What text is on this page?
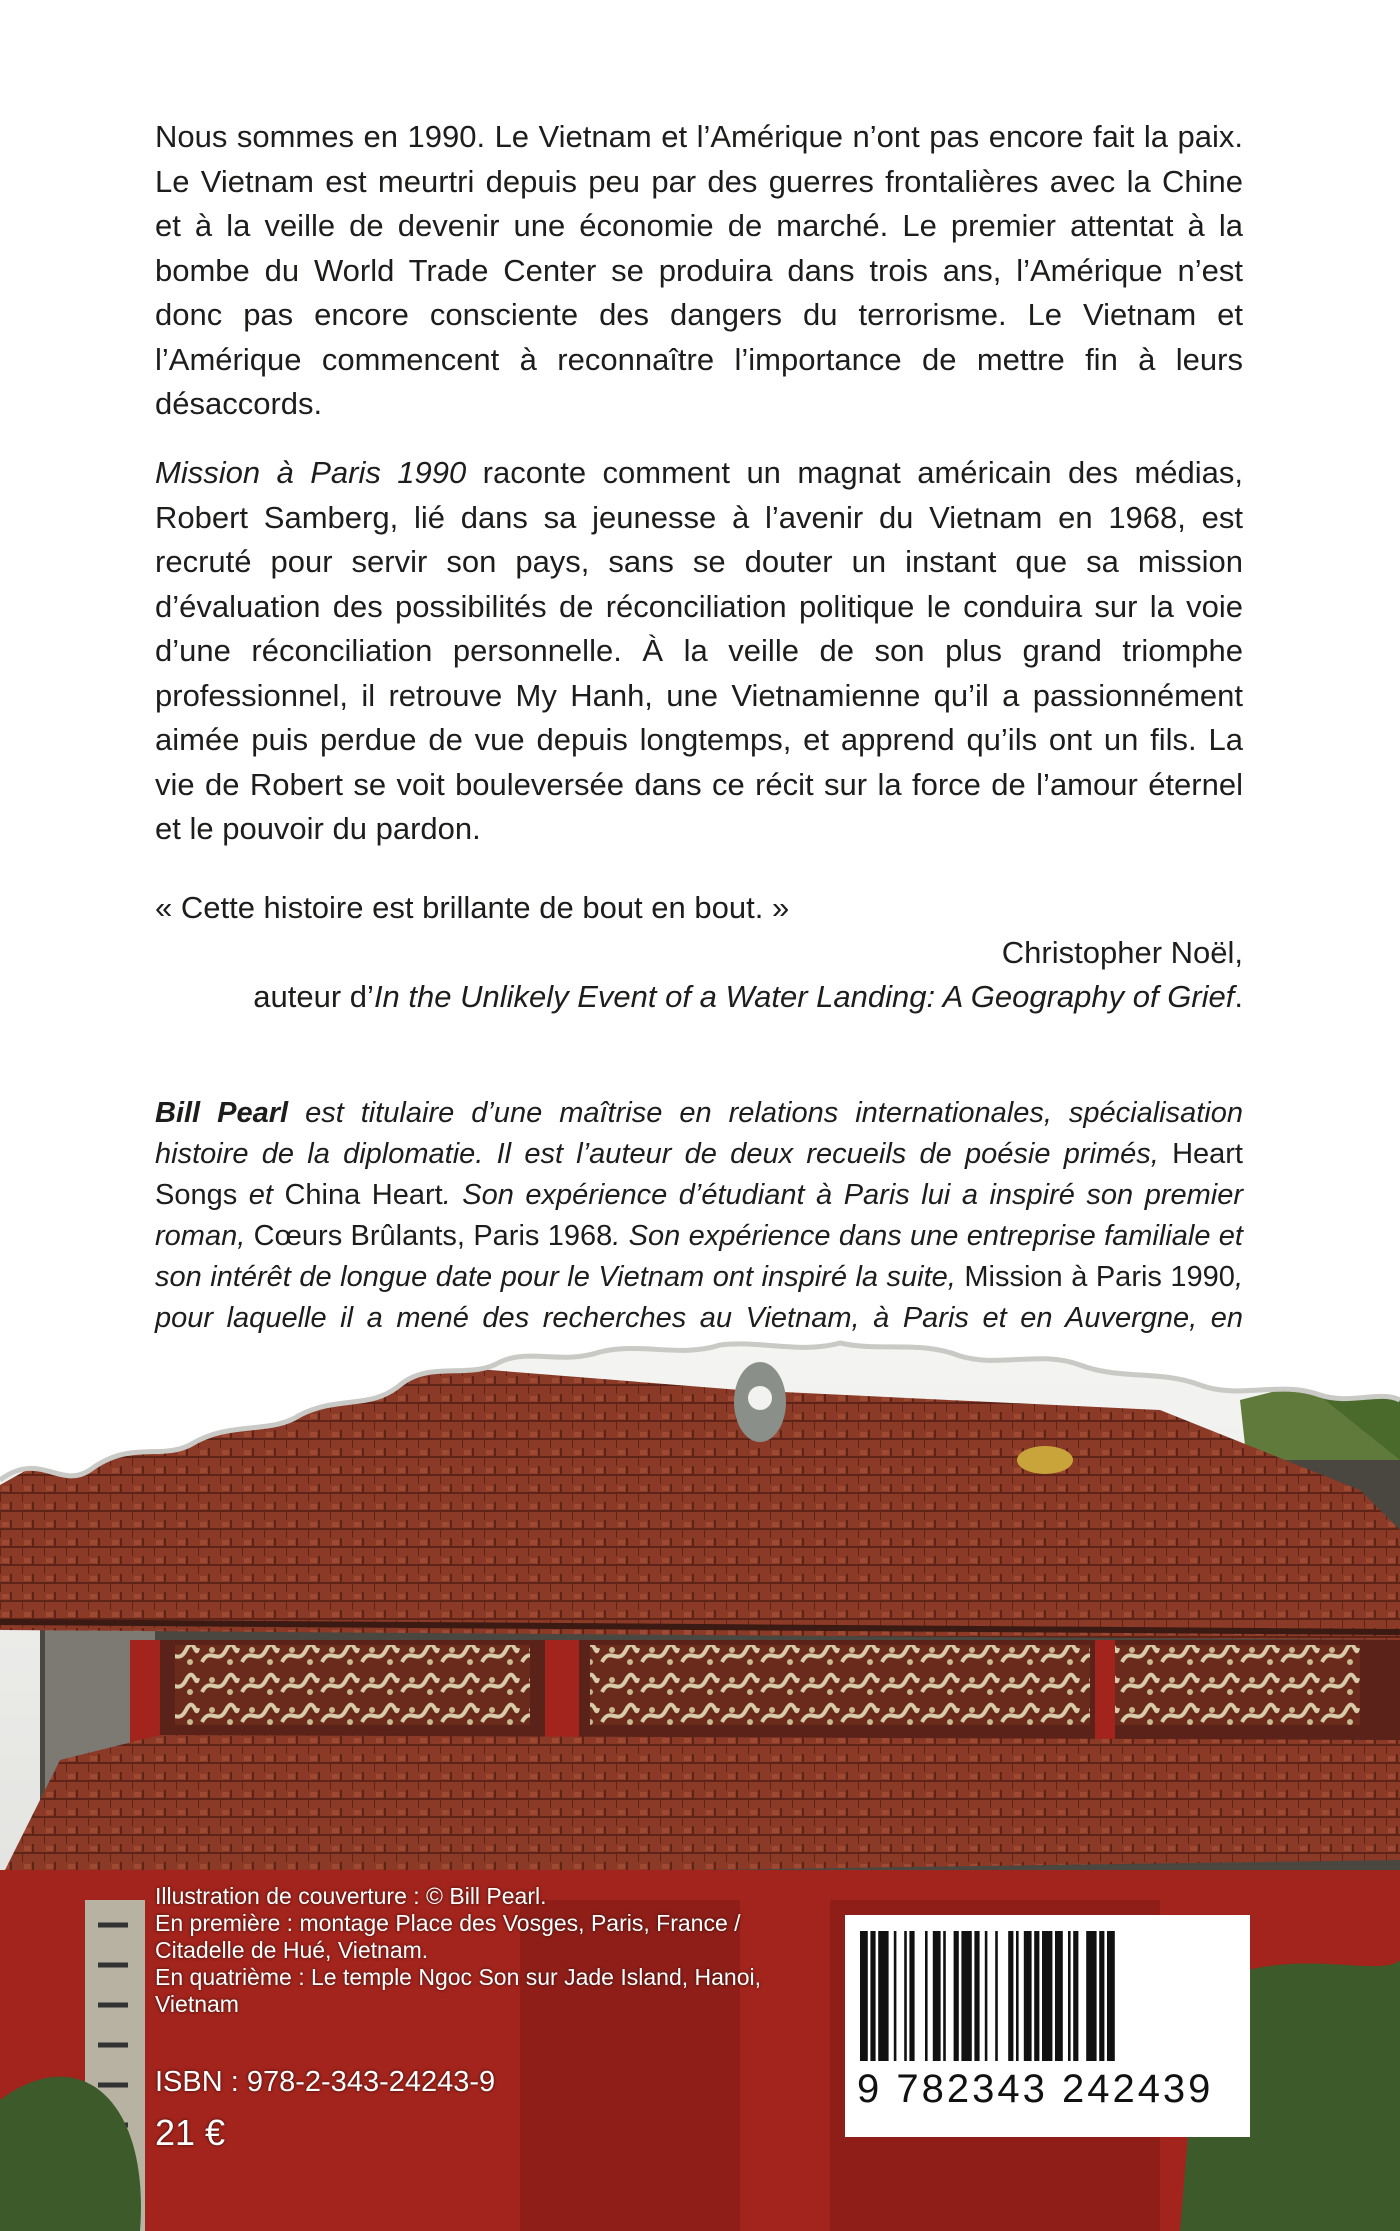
Nous sommes en 1990. Le Vietnam et l’Amérique n’ont pas encore fait la paix. Le Vietnam est meurtri depuis peu par des guerres frontalières avec la Chine et à la veille de devenir une économie de marché. Le premier attentat à la bombe du World Trade Center se produira dans trois ans, l’Amérique n’est donc pas encore consciente des dangers du terrorisme. Le Vietnam et l’Amérique commencent à reconnaître l’importance de mettre fin à leurs désaccords.
Mission à Paris 1990 raconte comment un magnat américain des médias, Robert Samberg, lié dans sa jeunesse à l’avenir du Vietnam en 1968, est recruté pour servir son pays, sans se douter un instant que sa mission d’évaluation des possibilités de réconciliation politique le conduira sur la voie d’une réconciliation personnelle. À la veille de son plus grand triomphe professionnel, il retrouve My Hanh, une Vietnamienne qu’il a passionnément aimée puis perdue de vue depuis longtemps, et apprend qu’ils ont un fils. La vie de Robert se voit bouleversée dans ce récit sur la force de l’amour éternel et le pouvoir du pardon.
« Cette histoire est brillante de bout en bout. »
Christopher Noël,
auteur d’In the Unlikely Event of a Water Landing: A Geography of Grief.
Bill Pearl est titulaire d’une maîtrise en relations internationales, spécialisation histoire de la diplomatie. Il est l’auteur de deux recueils de poésie primés, Heart Songs et China Heart. Son expérience d’étudiant à Paris lui a inspiré son premier roman, Cœurs Brûlants, Paris 1968. Son expérience dans une entreprise familiale et son intérêt de longue date pour le Vietnam ont inspiré la suite, Mission à Paris 1990, pour laquelle il a mené des recherches au Vietnam, à Paris et en Auvergne, en
Illustration de couverture : © Bill Pearl.
En première : montage Place des Vosges, Paris, France / Citadelle de Hué, Vietnam.
En quatrième : Le temple Ngoc Son sur Jade Island, Hanoi, Vietnam
ISBN : 978-2-343-24243-9
21 €
9 782343 242439
